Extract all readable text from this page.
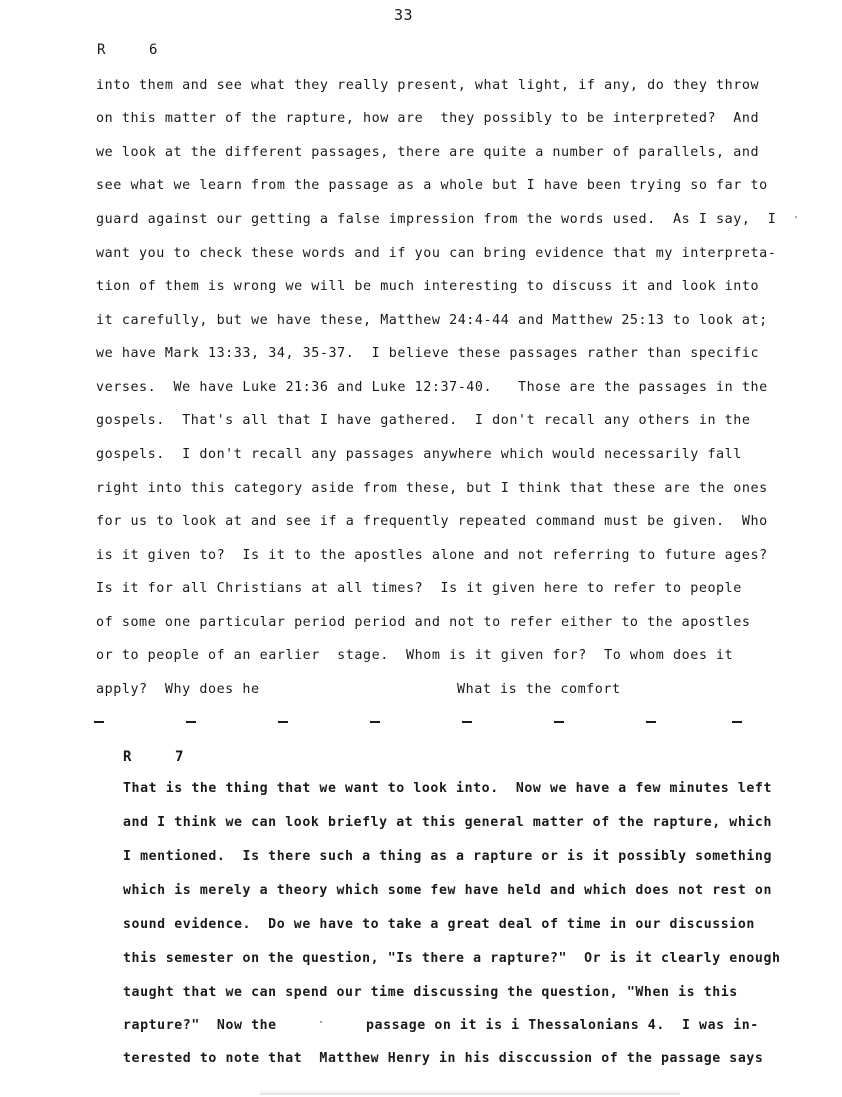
33
R	6
into them and see what they really present, what light, if any, do they throw
on this matter of the rapture, how are  they possibly to be interpreted?  And
we look at the different passages, there are quite a number of parallels, and
see what we learn from the passage as a whole but I have been trying so far to
guard against our getting a false impression from the words used.  As I say,  I
want you to check these words and if you can bring evidence that my interpreta-
tion of them is wrong we will be much interesting to discuss it and look into
it carefully, but we have these, Matthew 24:4-44 and Matthew 25:13 to look at;
we have Mark 13:33, 34, 35-37.  I believe these passages rather than specific
verses.  We have Luke 21:36 and Luke 12:37-40.   Those are the passages in the
gospels.  That's all that I have gathered.  I don't recall any others in the
gospels.  I don't recall any passages anywhere which would necessarily fall
right into this category aside from these, but I think that these are the ones
for us to look at and see if a frequently repeated command must be given.  Who
is it given to?  Is it to the apostles alone and not referring to future ages?
Is it for all Christians at all times?  Is it given here to refer to people
of some one particular period period and not to refer either to the apostles
or to people of an earlier  stage.  Whom is it given for?  To whom does it
apply?  Why does he	What is the comfort
R	7
That is the thing that we want to look into.  Now we have a few minutes left
and I think we can look briefly at this general matter of the rapture, which
I mentioned.  Is there such a thing as a rapture or is it possibly something
which is merely a theory which some few have held and which does not rest on
sound evidence.  Do we have to take a great deal of time in our discussion
this semester on the question, "Is there a rapture?"  Or is it clearly enough
taught that we can spend our time discussing the question, "When is this
rapture?"  Now the	passage on it is i Thessalonians 4.  I was in-
terested to note that  Matthew Henry in his disccussion of the passage says
